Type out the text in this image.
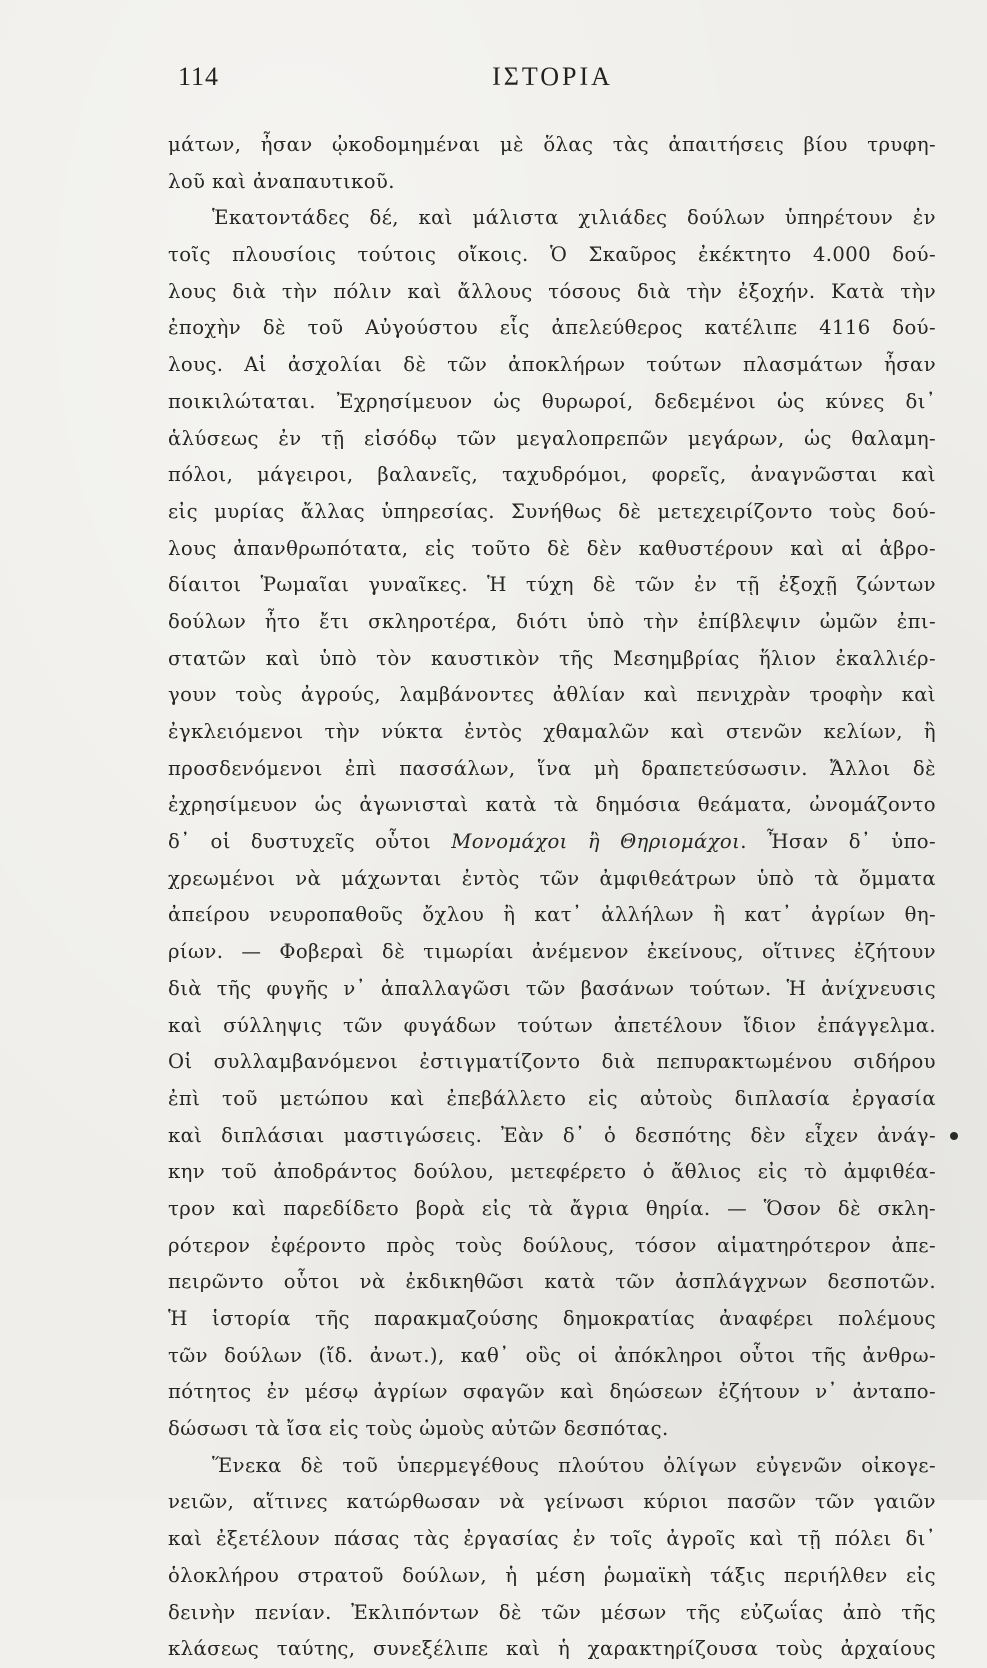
114	ΙΣΤΟΡΙΑ
μάτων, ἦσαν ᾠκοδομημέναι μὲ ὅλας τὰς ἀπαιτήσεις βίου τρυφη-
λοῦ καὶ ἀναπαυτικοῦ.
Ἑκατοντάδες δέ, καὶ μάλιστα χιλιάδες δούλων ὑπηρέτουν ἐν
τοῖς πλουσίοις τούτοις οἴκοις. Ὁ Σκαῦρος ἐκέκτητο 4.000 δού-
λους διὰ τὴν πόλιν καὶ ἄλλους τόσους διὰ τὴν ἐξοχήν. Κατὰ τὴν
ἐποχὴν δὲ τοῦ Αὐγούστου εἷς ἀπελεύθερος κατέλιπε 4116 δού-
λους. Αἱ ἀσχολίαι δὲ τῶν ἀποκλήρων τούτων πλασμάτων ἦσαν
ποικιλώταται. Ἐχρησίμευον ὡς θυρωροί, δεδεμένοι ὡς κύνες δι᾿
ἁλύσεως ἐν τῇ εἰσόδῳ τῶν μεγαλοπρεπῶν μεγάρων, ὡς θαλαμη-
πόλοι, μάγειροι, βαλανεῖς, ταχυδρόμοι, φορεῖς, ἀναγνῶσται καὶ
εἰς μυρίας ἄλλας ὑπηρεσίας. Συνήθως δὲ μετεχειρίζοντο τοὺς δού-
λους ἀπανθρωπότατα, εἰς τοῦτο δὲ δὲν καθυστέρουν καὶ αἱ ἁβρο-
δίαιτοι Ῥωμαῖαι γυναῖκες. Ἡ τύχη δὲ τῶν ἐν τῇ ἐξοχῇ ζώντων
δούλων ἦτο ἔτι σκληροτέρα, διότι ὑπὸ τὴν ἐπίβλεψιν ὠμῶν ἐπι-
στατῶν καὶ ὑπὸ τὸν καυστικὸν τῆς Μεσημβρίας ἥλιον ἐκαλλιέρ-
γουν τοὺς ἀγρούς, λαμβάνοντες ἀθλίαν καὶ πενιχρὰν τροφὴν καὶ
ἐγκλειόμενοι τὴν νύκτα ἐντὸς χθαμαλῶν καὶ στενῶν κελίων, ἢ
προσδενόμενοι ἐπὶ πασσάλων, ἵνα μὴ δραπετεύσωσιν. Ἄλλοι δὲ
ἐχρησίμευον ὡς ἀγωνισταὶ κατὰ τὰ δημόσια θεάματα, ὠνομάζοντο
δ᾿ οἱ δυστυχεῖς οὗτοι Μονομάχοι ἢ Θηριομάχοι. Ἦσαν δ᾿ ὑπο-
χρεωμένοι νὰ μάχωνται ἐντὸς τῶν ἀμφιθεάτρων ὑπὸ τὰ ὄμματα
ἀπείρου νευροπαθοῦς ὄχλου ἢ κατ᾿ ἀλλήλων ἢ κατ᾿ ἀγρίων θη-
ρίων. — Φοβεραὶ δὲ τιμωρίαι ἀνέμενον ἐκείνους, οἵτινες ἐζήτουν
διὰ τῆς φυγῆς ν᾿ ἀπαλλαγῶσι τῶν βασάνων τούτων. Ἡ ἀνίχνευσις
καὶ σύλληψις τῶν φυγάδων τούτων ἀπετέλουν ἴδιον ἐπάγγελμα.
Οἱ συλλαμβανόμενοι ἐστιγματίζοντο διὰ πεπυρακτωμένου σιδήρου
ἐπὶ τοῦ μετώπου καὶ ἐπεβάλλετο εἰς αὐτοὺς διπλασία ἐργασία
καὶ διπλάσιαι μαστιγώσεις. Ἐὰν δ᾿ ὁ δεσπότης δὲν εἶχεν ἀνάγ-
κην τοῦ ἀποδράντος δούλου, μετεφέρετο ὁ ἄθλιος εἰς τὸ ἀμφιθέα-
τρον καὶ παρεδίδετο βορὰ εἰς τὰ ἄγρια θηρία. — Ὅσον δὲ σκλη-
ρότερον ἐφέροντο πρὸς τοὺς δούλους, τόσον αἱματηρότερον ἀπε-
πειρῶντο οὗτοι νὰ ἐκδικηθῶσι κατὰ τῶν ἀσπλάγχνων δεσποτῶν.
Ἡ ἱστορία τῆς παρακμαζούσης δημοκρατίας ἀναφέρει πολέμους
τῶν δούλων (ἴδ. ἀνωτ.), καθ᾿ οὓς οἱ ἀπόκληροι οὗτοι τῆς ἀνθρω-
πότητος ἐν μέσῳ ἀγρίων σφαγῶν καὶ δηώσεων ἐζήτουν ν᾿ ἀνταπο-
δώσωσι τὰ ἴσα εἰς τοὺς ὠμοὺς αὐτῶν δεσπότας.
Ἕνεκα δὲ τοῦ ὑπερμεγέθους πλούτου ὀλίγων εὐγενῶν οἰκογε-
νειῶν, αἵτινες κατώρθωσαν νὰ γείνωσι κύριοι πασῶν τῶν γαιῶν
καὶ ἐξετέλουν πάσας τὰς ἐργασίας ἐν τοῖς ἀγροῖς καὶ τῇ πόλει δι᾿
ὁλοκλήρου στρατοῦ δούλων, ἡ μέση ῥωμαϊκὴ τάξις περιήλθεν εἰς
δεινὴν πενίαν. Ἐκλιπόντων δὲ τῶν μέσων τῆς εὐζωΐας ἀπὸ τῆς
κλάσεως ταύτης, συνεξέλιπε καὶ ἡ χαρακτηρίζουσα τοὺς ἀρχαίους
